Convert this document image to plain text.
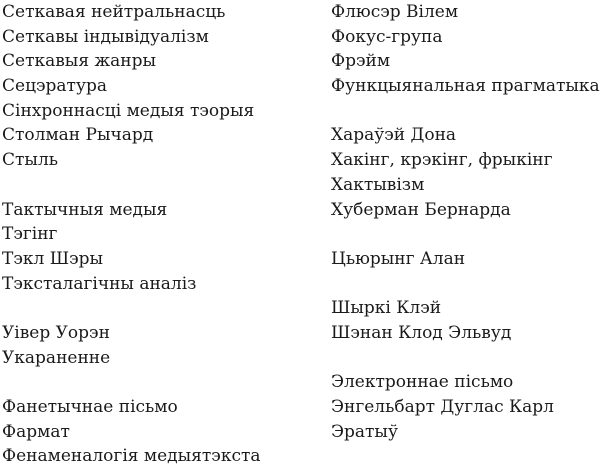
Сеткавая нейтральнасць
Сеткавы індывідуалізм
Сеткавыя жанры
Сецэратура
Сінхроннасці медыя тэорыя
Столман Рычард
Стыль
Тактычныя медыя
Тэгінг
Тэкл Шэры
Тэксталагічны аналіз
Уівер Уорэн
Укараненне
Фанетычнае пісьмо
Фармат
Фенаменалогія медыятэкста
Флюсэр Вілем
Фокус-група
Фрэйм
Функцыянальная прагматыка
Хараўэй Дона
Хакінг, крэкінг, фрыкінг
Хактывізм
Хуберман Бернарда
Цьюрынг Алан
Шыркі Клэй
Шэнан Клод Эльвуд
Электроннае пісьмо
Энгельбарт Дуглас Карл
Эратыў
